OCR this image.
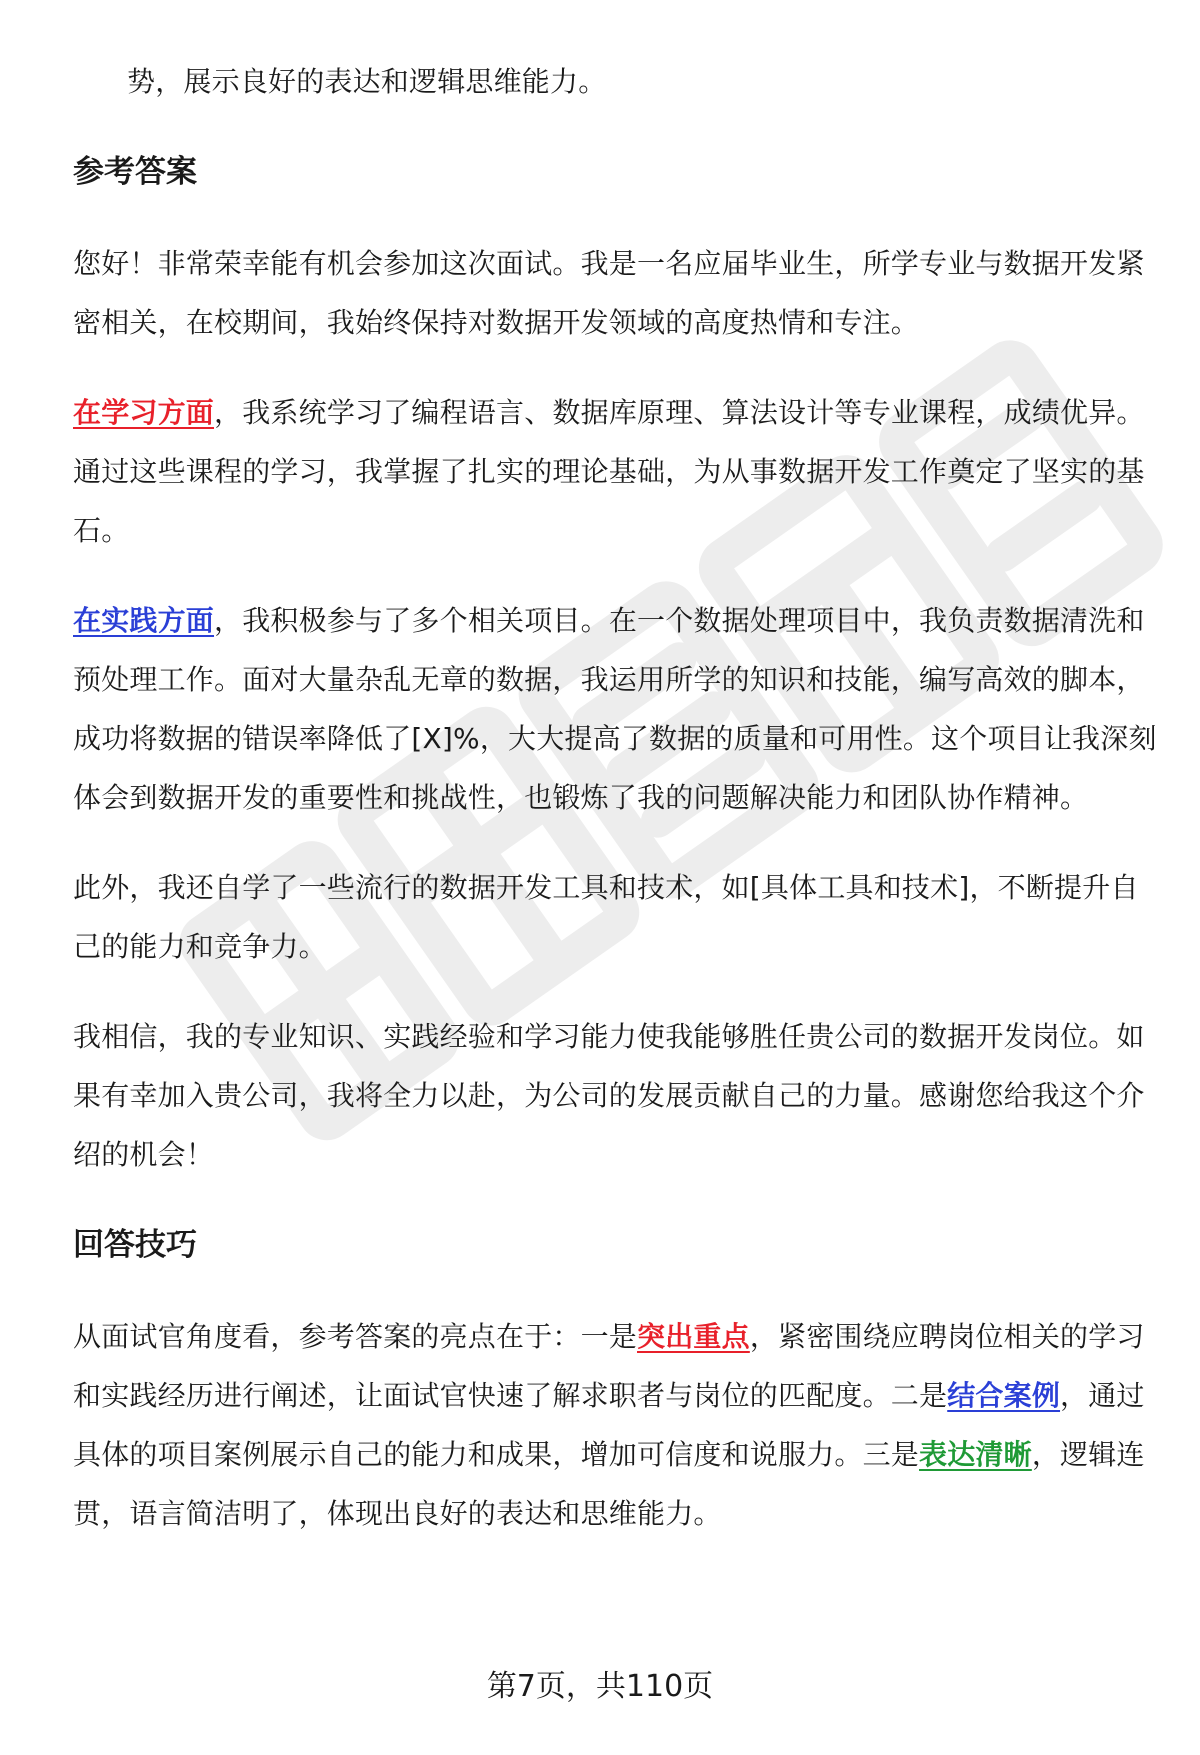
势，展示良好的表达和逻辑思维能力。

参考答案

您好！非常荣幸能有机会参加这次面试。我是一名应届毕业生，所学专业与数据开发紧密相关，在校期间，我始终保持对数据开发领域的高度热情和专注。

在学习方面，我系统学习了编程语言、数据库原理、算法设计等专业课程，成绩优异。通过这些课程的学习，我掌握了扎实的理论基础，为从事数据开发工作奠定了坚实的基石。

在实践方面，我积极参与了多个相关项目。在一个数据处理项目中，我负责数据清洗和预处理工作。面对大量杂乱无章的数据，我运用所学的知识和技能，编写高效的脚本，成功将数据的错误率降低了[X]%，大大提高了数据的质量和可用性。这个项目让我深刻体会到数据开发的重要性和挑战性，也锻炼了我的问题解决能力和团队协作精神。

此外，我还自学了一些流行的数据开发工具和技术，如[具体工具和技术]，不断提升自己的能力和竞争力。

我相信，我的专业知识、实践经验和学习能力使我能够胜任贵公司的数据开发岗位。如果有幸加入贵公司，我将全力以赴，为公司的发展贡献自己的力量。感谢您给我这个介绍的机会！

回答技巧

从面试官角度看，参考答案的亮点在于：一是突出重点，紧密围绕应聘岗位相关的学习和实践经历进行阐述，让面试官快速了解求职者与岗位的匹配度。二是结合案例，通过具体的项目案例展示自己的能力和成果，增加可信度和说服力。三是表达清晰，逻辑连贯，语言简洁明了，体现出良好的表达和思维能力。

第7页，共110页
